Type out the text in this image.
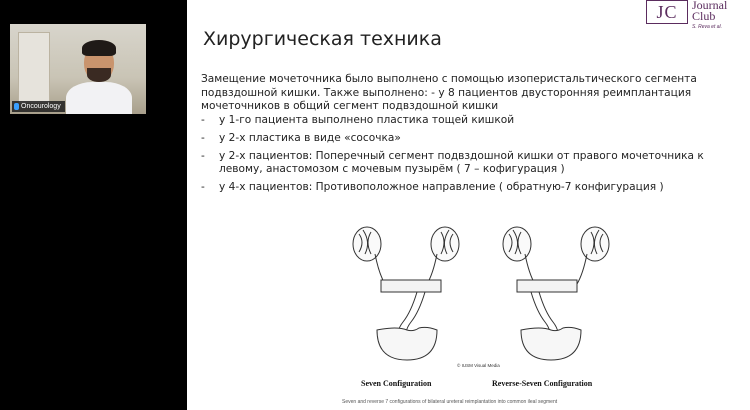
Oncourology
Хирургическая техника
JC	Journal
Club
S. Reva et al.

Замещение мочеточника было выполнено с помощью изоперистальтического сегмента подвздошной кишки. Также выполнено: - у 8 пациентов двусторонняя реимплантация мочеточников в общий сегмент подвздошной кишки

- у 1-го пациента выполнено пластика тощей кишкой
- у 2-х пластика в виде «сосочка»
- у 2-х пациентов: Поперечный сегмент подвздошной кишки от правого мочеточника к левому, анастомозом с мочевым пузырём ( 7 – кофигурация )
- у 4-х пациентов: Противоположное направление ( обратную-7 конфигурация )
© IUSM Visual Media
Seven Configuration	Reverse-Seven Configuration
Seven and reverse 7 configurations of bilateral ureteral reimplantation into common ileal segment
